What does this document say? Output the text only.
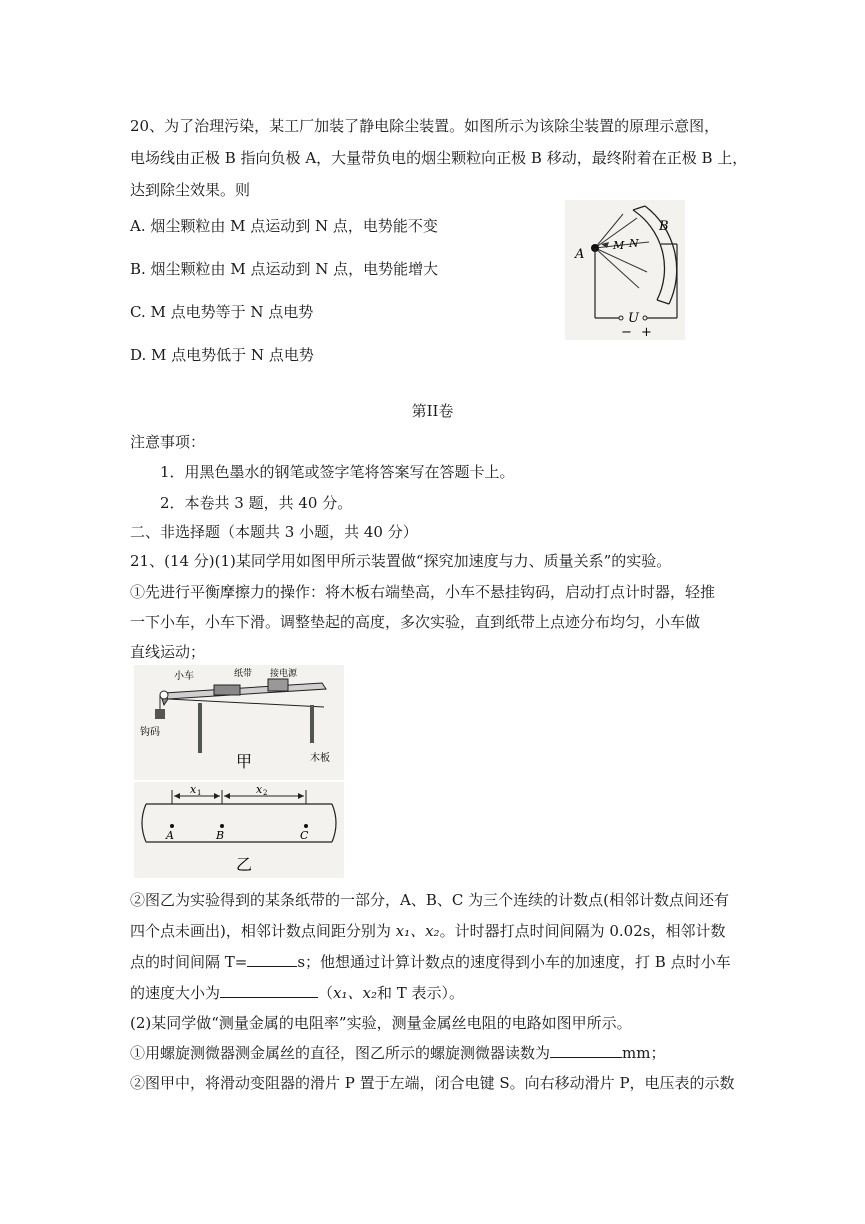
20、为了治理污染，某工厂加装了静电除尘装置。如图所示为该除尘装置的原理示意图，
电场线由正极 B 指向负极 A，大量带负电的烟尘颗粒向正极 B 移动，最终附着在正极 B 上，
达到除尘效果。则
A. 烟尘颗粒由 M 点运动到 N 点，电势能不变
B. 烟尘颗粒由 M 点运动到 N 点，电势能增大
C. M 点电势等于 N 点电势
D. M 点电势低于 N 点电势
A
B
M N
U
− +
第II卷
注意事项：
1．用黑色墨水的钢笔或签字笔将答案写在答题卡上。
2．本卷共 3 题，共 40 分。
二、非选择题（本题共 3 小题，共 40 分）
21、(14 分)(1)某同学用如图甲所示装置做“探究加速度与力、质量关系”的实验。
①先进行平衡摩擦力的操作：将木板右端垫高，小车不悬挂钩码，启动打点计时器，轻推
一下小车，小车下滑。调整垫起的高度，多次实验，直到纸带上点迹分布均匀，小车做
直线运动；
小车	纸带 接电源
钩码
木板
甲
x 1	x 2
A	B	C
乙
②图乙为实验得到的某条纸带的一部分，A、B、C 为三个连续的计数点(相邻计数点间还有
四个点未画出)，相邻计数点间距分别为 x₁、x₂。计时器打点时间间隔为 0.02s，相邻计数
点的时间间隔 T=	s；他想通过计算计数点的速度得到小车的加速度，打 B 点时小车
的速度大小为	（x₁、x₂和 T 表示）。
(2)某同学做“测量金属的电阻率”实验，测量金属丝电阻的电路如图甲所示。
①用螺旋测微器测金属丝的直径，图乙所示的螺旋测微器读数为	mm；
②图甲中，将滑动变阻器的滑片 P 置于左端，闭合电键 S。向右移动滑片 P，电压表的示数
